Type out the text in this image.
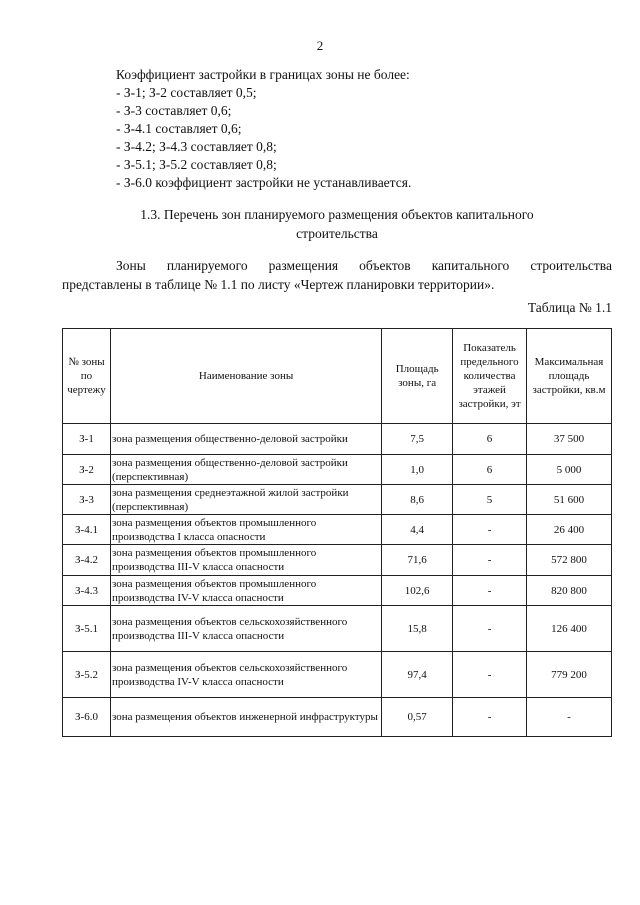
2
Коэффициент застройки в границах зоны не более:
- З-1; З-2 составляет 0,5;
- З-3 составляет 0,6;
- З-4.1 составляет 0,6;
- З-4.2; З-4.3 составляет 0,8;
- З-5.1; З-5.2 составляет 0,8;
- З-6.0 коэффициент застройки не устанавливается.
1.3. Перечень зон планируемого размещения объектов капитального
строительства
Зоны планируемого размещения объектов капитального строительства
представлены в таблице № 1.1 по листу «Чертеж планировки территории».
Таблица № 1.1
№ зоны по чертежу	Наименование зоны	Площадь зоны, га	Показатель предельного количества этажей застройки, эт	Максимальная площадь застройки, кв.м
З-1	зона размещения общественно-деловой застройки	7,5	6	37 500
З-2	зона размещения общественно-деловой застройки (перспективная)	1,0	6	5 000
З-3	зона размещения среднеэтажной жилой застройки (перспективная)	8,6	5	51 600
З-4.1	зона размещения объектов промышленного производства I класса опасности	4,4	-	26 400
З-4.2	зона размещения объектов промышленного производства III-V класса опасности	71,6	-	572 800
З-4.3	зона размещения объектов промышленного производства IV-V класса опасности	102,6	-	820 800
З-5.1	зона размещения объектов сельскохозяйственного производства III-V класса опасности	15,8	-	126 400
З-5.2	зона размещения объектов сельскохозяйственного производства IV-V класса опасности	97,4	-	779 200
З-6.0	зона размещения объектов инженерной инфраструктуры	0,57	-	-
